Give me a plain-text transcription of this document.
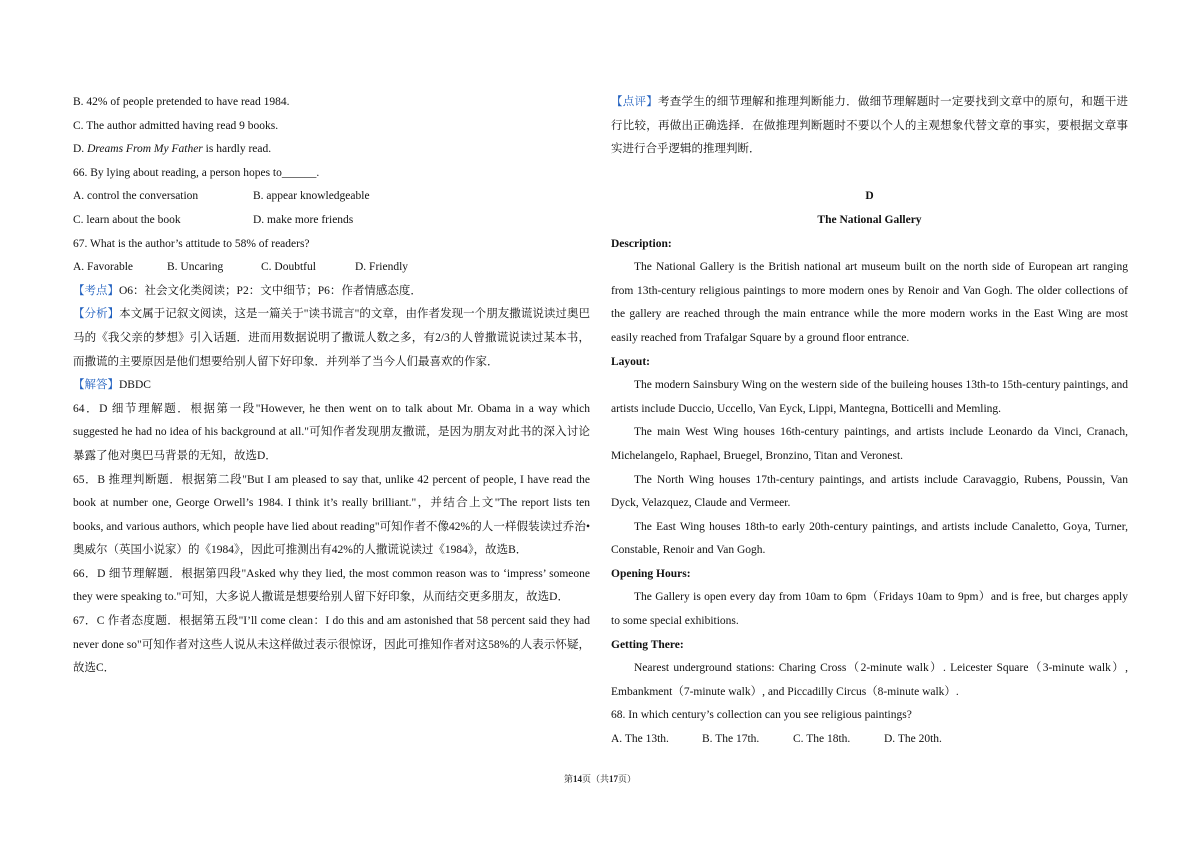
B. 42% of people pretended to have read 1984.
C. The author admitted having read 9 books.
D. Dreams From My Father is hardly read.
66. By lying about reading, a person hopes to______.
A. control the conversation	B. appear knowledgeable
C. learn about the book	D. make more friends
67. What is the author’s attitude to 58% of readers?
A. Favorable	B. Uncaring	C. Doubtful	D. Friendly
【考点】O6：社会文化类阅读；P2：文中细节；P6：作者情感态度．
【分析】本文属于记叙文阅读，这是一篇关于"读书谎言"的文章，由作者发现一个朋友撒谎说读过奥巴马的《我父亲的梦想》引入话题．进而用数据说明了撒谎人数之多，有2/3的人曾撒谎说读过某本书，而撒谎的主要原因是他们想要给别人留下好印象．并列举了当今人们最喜欢的作家．
【解答】DBDC
64．D 细节理解题．根据第一段"However, he then went on to talk about Mr. Obama in a way which suggested he had no idea of his background at all."可知作者发现朋友撒谎，是因为朋友对此书的深入讨论暴露了他对奥巴马背景的无知，故选D．
65．B 推理判断题．根据第二段"But I am pleased to say that, unlike 42 percent of people, I have read the book at number one, George Orwell’s 1984. I think it’s really brilliant."，并结合上文"The report lists ten books, and various authors, which people have lied about reading"可知作者不像42%的人一样假装读过乔治•奥威尔（英国小说家）的《1984》，因此可推测出有42%的人撒谎说读过《1984》，故选B．
66．D 细节理解题．根据第四段"Asked why they lied, the most common reason was to ‘impress’ someone they were speaking to."可知，大多说人撒谎是想要给别人留下好印象，从而结交更多朋友，故选D．
67．C 作者态度题．根据第五段"I’ll come clean：I do this and am astonished that 58 percent said they had never done so"可知作者对这些人说从未这样做过表示很惊讶，因此可推知作者对这58%的人表示怀疑，故选C．
【点评】考查学生的细节理解和推理判断能力．做细节理解题时一定要找到文章中的原句，和题干进行比较，再做出正确选择．在做推理判断题时不要以个人的主观想象代替文章的事实，要根据文章事实进行合乎逻辑的推理判断．
D
The National Gallery
Description:
The National Gallery is the British national art museum built on the north side of European art ranging from 13th-century religious paintings to more modern ones by Renoir and Van Gogh. The older collections of the gallery are reached through the main entrance while the more modern works in the East Wing are most easily reached from Trafalgar Square by a ground floor entrance.
Layout:
The modern Sainsbury Wing on the western side of the buileing houses 13th-to 15th-century paintings, and artists include Duccio, Uccello, Van Eyck, Lippi, Mantegna, Botticelli and Memling.
The main West Wing houses 16th-century paintings, and artists include Leonardo da Vinci, Cranach, Michelangelo, Raphael, Bruegel, Bronzino, Titan and Veronest.
The North Wing houses 17th-century paintings, and artists include Caravaggio, Rubens, Poussin, Van Dyck, Velazquez, Claude and Vermeer.
The East Wing houses 18th-to early 20th-century paintings, and artists include Canaletto, Goya, Turner, Constable, Renoir and Van Gogh.
Opening Hours:
The Gallery is open every day from 10am to 6pm（Fridays 10am to 9pm）and is free, but charges apply to some special exhibitions.
Getting There:
Nearest underground stations: Charing Cross（2-minute walk）. Leicester Square（3-minute walk）, Embankment（7-minute walk）, and Piccadilly Circus（8-minute walk）.
68. In which century’s collection can you see religious paintings?
A. The 13th.	B. The 17th.	C. The 18th.	D. The 20th.
第14页（共17页）
